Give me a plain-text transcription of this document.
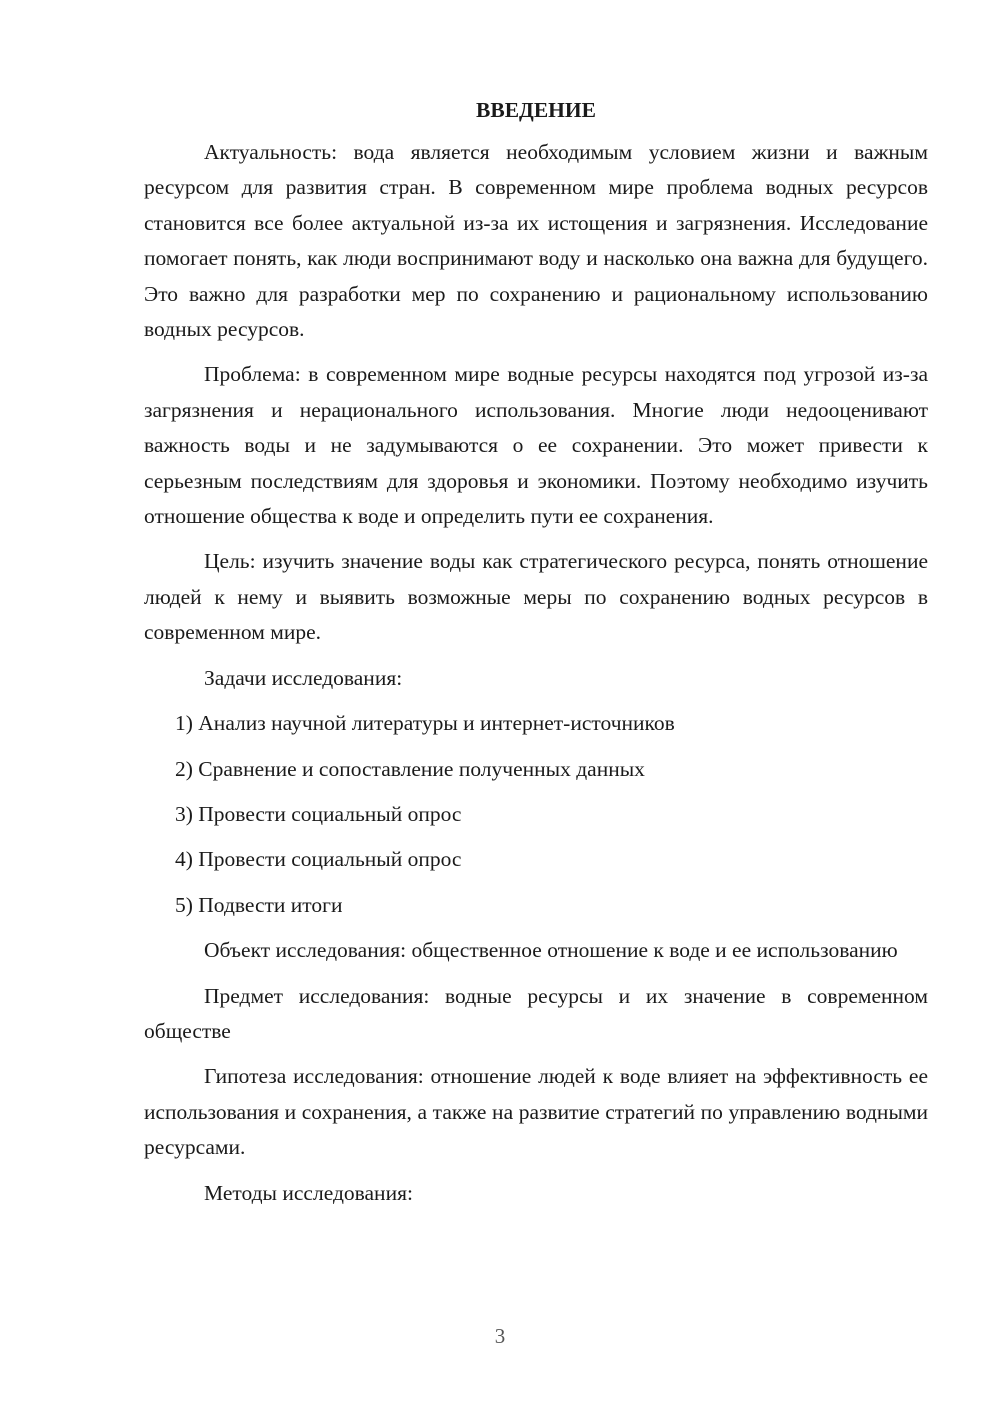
ВВЕДЕНИЕ

Актуальность: вода является необходимым условием жизни и важным ресурсом для развития стран. В современном мире проблема водных ресурсов становится все более актуальной из-за их истощения и загрязнения. Исследование помогает понять, как люди воспринимают воду и насколько она важна для будущего. Это важно для разработки мер по сохранению и рациональному использованию водных ресурсов.

Проблема: в современном мире водные ресурсы находятся под угрозой из-за загрязнения и нерационального использования. Многие люди недооценивают важность воды и не задумываются о ее сохранении. Это может привести к серьезным последствиям для здоровья и экономики. Поэтому необходимо изучить отношение общества к воде и определить пути ее сохранения.

Цель: изучить значение воды как стратегического ресурса, понять отношение людей к нему и выявить возможные меры по сохранению водных ресурсов в современном мире.

Задачи исследования:

1) Анализ научной литературы и интернет-источников
2) Сравнение и сопоставление полученных данных
3) Провести социальный опрос
4) Провести социальный опрос
5) Подвести итоги

Объект исследования: общественное отношение к воде и ее использованию

Предмет исследования: водные ресурсы и их значение в современном обществе

Гипотеза исследования: отношение людей к воде влияет на эффективность ее использования и сохранения, а также на развитие стратегий по управлению водными ресурсами.

Методы исследования:

3
